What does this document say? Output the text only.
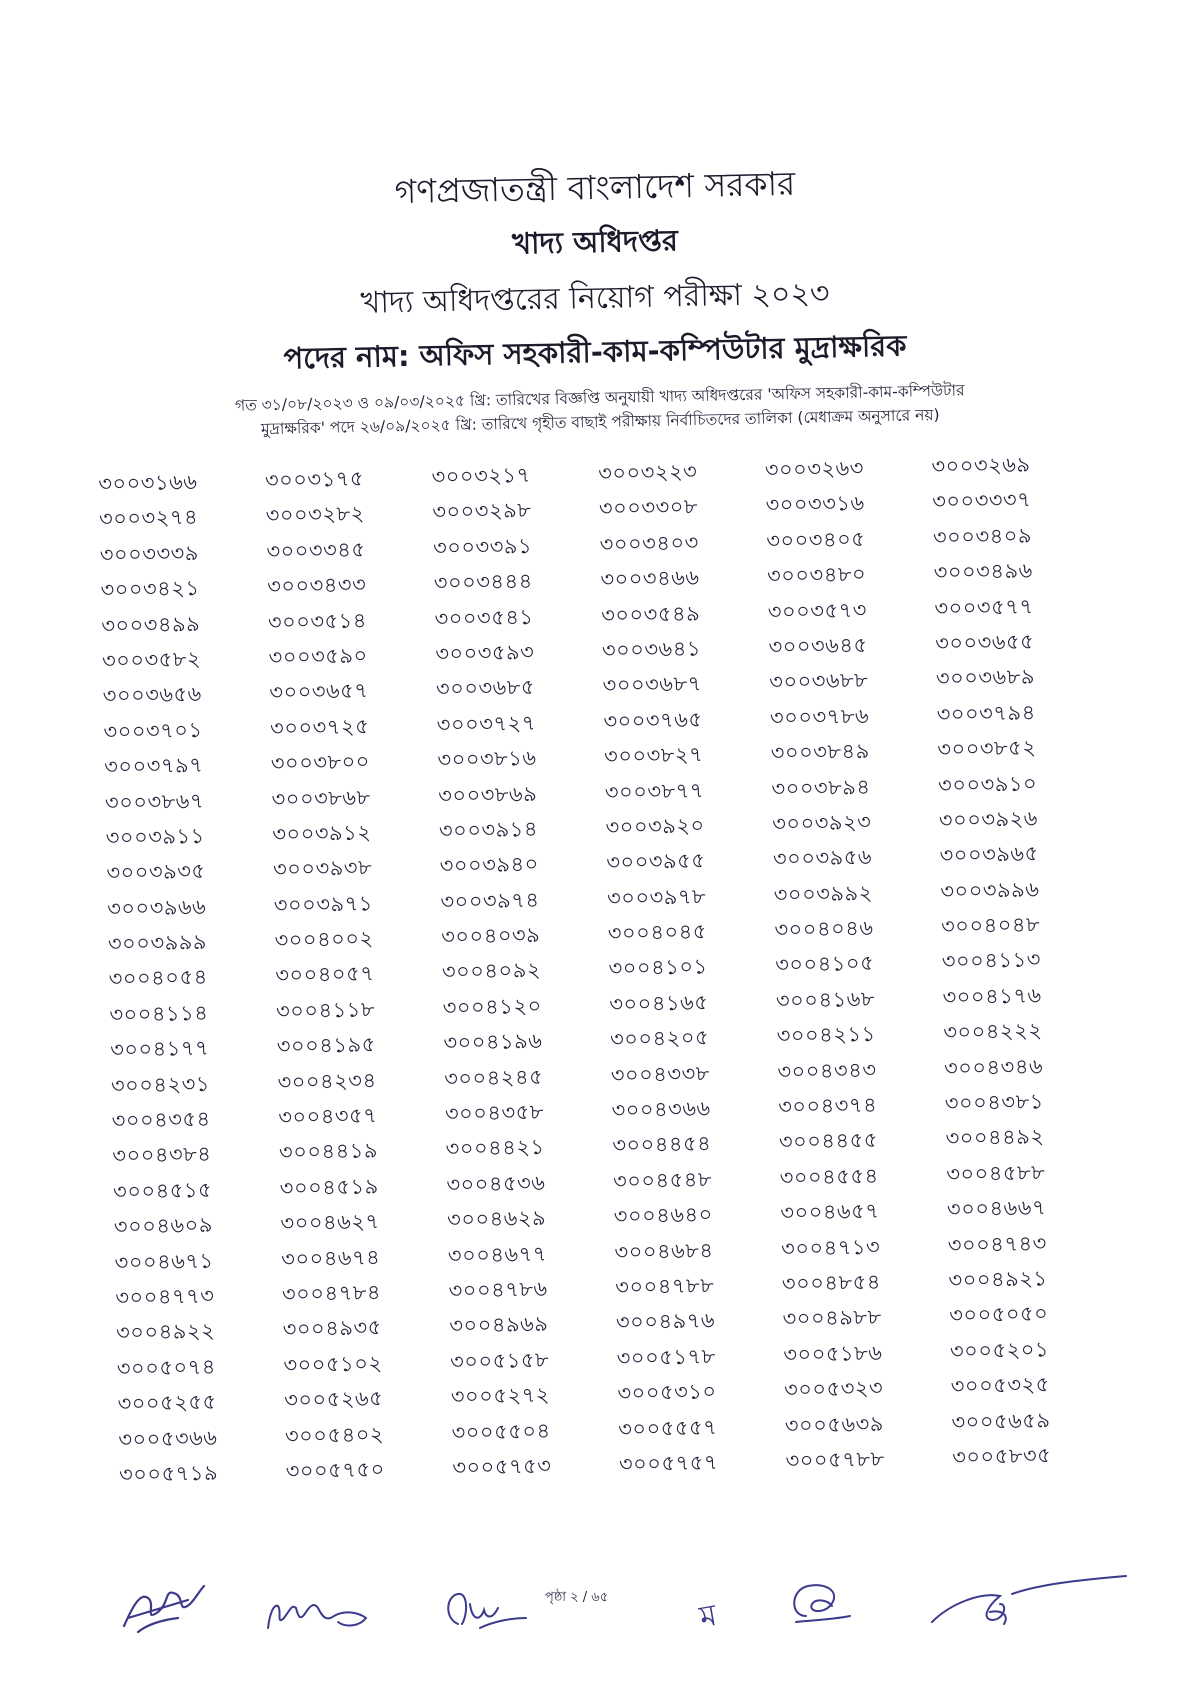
গণপ্রজাতন্ত্রী বাংলাদেশ সরকার
খাদ্য অধিদপ্তর
খাদ্য অধিদপ্তরের নিয়োগ পরীক্ষা ২০২৩
পদের নাম: অফিস সহকারী-কাম-কম্পিউটার মুদ্রাক্ষরিক
গত ৩১/০৮/২০২৩ ও ০৯/০৩/২০২৫ খ্রি: তারিখের বিজ্ঞপ্তি অনুযায়ী খাদ্য অধিদপ্তরের 'অফিস সহকারী-কাম-কম্পিউটার
মুদ্রাক্ষরিক' পদে ২৬/০৯/২০২৫ খ্রি: তারিখে গৃহীত বাছাই পরীক্ষায় নির্বাচিতদের তালিকা (মেধাক্রম অনুসারে নয়)
৩০০৩১৬৬	৩০০৩১৭৫	৩০০৩২১৭	৩০০৩২২৩	৩০০৩২৬৩	৩০০৩২৬৯
৩০০৩২৭৪	৩০০৩২৮২	৩০০৩২৯৮	৩০০৩৩০৮	৩০০৩৩১৬	৩০০৩৩৩৭
৩০০৩৩৩৯	৩০০৩৩৪৫	৩০০৩৩৯১	৩০০৩৪০৩	৩০০৩৪০৫	৩০০৩৪০৯
৩০০৩৪২১	৩০০৩৪৩৩	৩০০৩৪৪৪	৩০০৩৪৬৬	৩০০৩৪৮০	৩০০৩৪৯৬
৩০০৩৪৯৯	৩০০৩৫১৪	৩০০৩৫৪১	৩০০৩৫৪৯	৩০০৩৫৭৩	৩০০৩৫৭৭
৩০০৩৫৮২	৩০০৩৫৯০	৩০০৩৫৯৩	৩০০৩৬৪১	৩০০৩৬৪৫	৩০০৩৬৫৫
৩০০৩৬৫৬	৩০০৩৬৫৭	৩০০৩৬৮৫	৩০০৩৬৮৭	৩০০৩৬৮৮	৩০০৩৬৮৯
৩০০৩৭০১	৩০০৩৭২৫	৩০০৩৭২৭	৩০০৩৭৬৫	৩০০৩৭৮৬	৩০০৩৭৯৪
৩০০৩৭৯৭	৩০০৩৮০০	৩০০৩৮১৬	৩০০৩৮২৭	৩০০৩৮৪৯	৩০০৩৮৫২
৩০০৩৮৬৭	৩০০৩৮৬৮	৩০০৩৮৬৯	৩০০৩৮৭৭	৩০০৩৮৯৪	৩০০৩৯১০
৩০০৩৯১১	৩০০৩৯১২	৩০০৩৯১৪	৩০০৩৯২০	৩০০৩৯২৩	৩০০৩৯২৬
৩০০৩৯৩৫	৩০০৩৯৩৮	৩০০৩৯৪০	৩০০৩৯৫৫	৩০০৩৯৫৬	৩০০৩৯৬৫
৩০০৩৯৬৬	৩০০৩৯৭১	৩০০৩৯৭৪	৩০০৩৯৭৮	৩০০৩৯৯২	৩০০৩৯৯৬
৩০০৩৯৯৯	৩০০৪০০২	৩০০৪০৩৯	৩০০৪০৪৫	৩০০৪০৪৬	৩০০৪০৪৮
৩০০৪০৫৪	৩০০৪০৫৭	৩০০৪০৯২	৩০০৪১০১	৩০০৪১০৫	৩০০৪১১৩
৩০০৪১১৪	৩০০৪১১৮	৩০০৪১২০	৩০০৪১৬৫	৩০০৪১৬৮	৩০০৪১৭৬
৩০০৪১৭৭	৩০০৪১৯৫	৩০০৪১৯৬	৩০০৪২০৫	৩০০৪২১১	৩০০৪২২২
৩০০৪২৩১	৩০০৪২৩৪	৩০০৪২৪৫	৩০০৪৩৩৮	৩০০৪৩৪৩	৩০০৪৩৪৬
৩০০৪৩৫৪	৩০০৪৩৫৭	৩০০৪৩৫৮	৩০০৪৩৬৬	৩০০৪৩৭৪	৩০০৪৩৮১
৩০০৪৩৮৪	৩০০৪৪১৯	৩০০৪৪২১	৩০০৪৪৫৪	৩০০৪৪৫৫	৩০০৪৪৯২
৩০০৪৫১৫	৩০০৪৫১৯	৩০০৪৫৩৬	৩০০৪৫৪৮	৩০০৪৫৫৪	৩০০৪৫৮৮
৩০০৪৬০৯	৩০০৪৬২৭	৩০০৪৬২৯	৩০০৪৬৪০	৩০০৪৬৫৭	৩০০৪৬৬৭
৩০০৪৬৭১	৩০০৪৬৭৪	৩০০৪৬৭৭	৩০০৪৬৮৪	৩০০৪৭১৩	৩০০৪৭৪৩
৩০০৪৭৭৩	৩০০৪৭৮৪	৩০০৪৭৮৬	৩০০৪৭৮৮	৩০০৪৮৫৪	৩০০৪৯২১
৩০০৪৯২২	৩০০৪৯৩৫	৩০০৪৯৬৯	৩০০৪৯৭৬	৩০০৪৯৮৮	৩০০৫০৫০
৩০০৫০৭৪	৩০০৫১০২	৩০০৫১৫৮	৩০০৫১৭৮	৩০০৫১৮৬	৩০০৫২০১
৩০০৫২৫৫	৩০০৫২৬৫	৩০০৫২৭২	৩০০৫৩১০	৩০০৫৩২৩	৩০০৫৩২৫
৩০০৫৩৬৬	৩০০৫৪০২	৩০০৫৫০৪	৩০০৫৫৫৭	৩০০৫৬৩৯	৩০০৫৬৫৯
৩০০৫৭১৯	৩০০৫৭৫০	৩০০৫৭৫৩	৩০০৫৭৫৭	৩০০৫৭৮৮	৩০০৫৮৩৫
পৃষ্ঠা ২ / ৬৫
ম
